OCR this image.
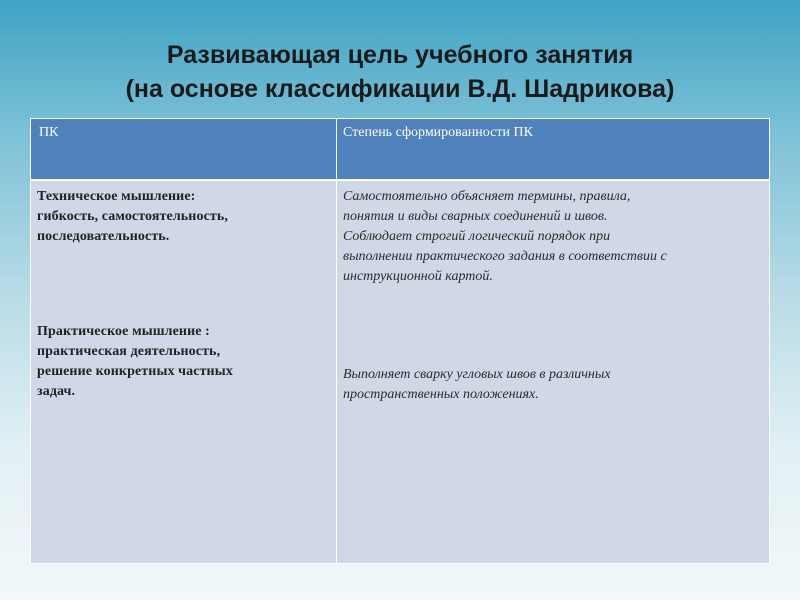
Развивающая цель учебного занятия
(на основе классификации В.Д. Шадрикова)
ПК	Степень сформированности ПК
Техническое мышление:
гибкость, самостоятельность,
последовательность.
Практическое мышление :
практическая деятельность,
решение конкретных частных
задач.
Самостоятельно объясняет термины, правила,
понятия и виды сварных соединений и швов.
Соблюдает строгий логический порядок при
выполнении практического задания в соответствии с
инструкционной картой.
Выполняет сварку угловых швов в различных
пространственных положениях.
